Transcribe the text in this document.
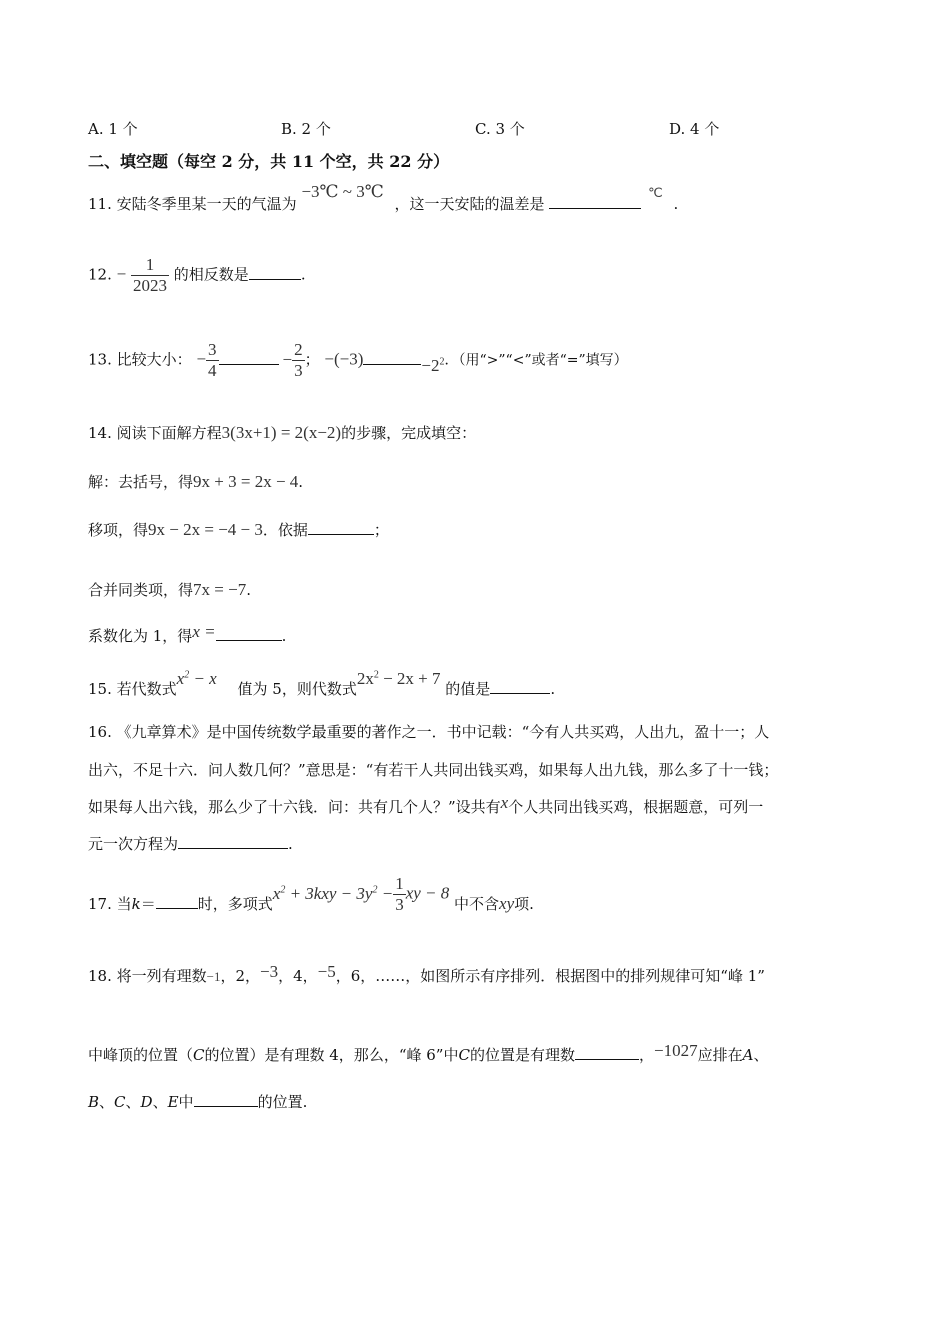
A. 1 个	B. 2 个	C. 3 个	D. 4 个
二、填空题（每空 2 分，共 11 个空，共 22 分）
11. 安陆冬季里某一天的气温为 −3℃ ~ 3℃ ，这一天安陆的温差是  ℃ .
12. − $\frac{1}{2023}$ 的相反数是	.
13. 比较大小： − $\frac{3}{4}$	− $\frac{2}{3}$ ； −(−3)	$-2^2$．（用“>”“<”或者“=”填写）
14. 阅读下面解方程3(3x+1) = 2(x−2)的步骤，完成填空：
解：去括号，得9x + 3 = 2x − 4.
移项，得9x − 2x = −4 − 3．依据	；
合并同类项，得7x = −7.
系数化为 1，得x =	.
15. 若代数式$x^2 - x$ 值为 5，则代数式$2x^2 - 2x + 7$ 的值是	.
16. 《九章算术》是中国传统数学最重要的著作之一．书中记载：“今有人共买鸡，人出九，盈十一；人
出六，不足十六．问人数几何？”意思是：“有若干人共同出钱买鸡，如果每人出九钱，那么多了十一钱；
如果每人出六钱，那么少了十六钱．问：共有几个人？”设共有x个人共同出钱买鸡，根据题意，可列一
元一次方程为	.
17. 当k＝	时，多项式$x^2 + 3kxy - 3y^2 - \frac{1}{3}$ xy − 8 中不含xy项.
18. 将一列有理数−1，2，−3，4，−5，6，……，如图所示有序排列．根据图中的排列规律可知“峰 1”
中峰顶的位置（C的位置）是有理数 4，那么，“峰 6”中C的位置是有理数	，−1027应排在A、
B、C、D、E中	的位置.
